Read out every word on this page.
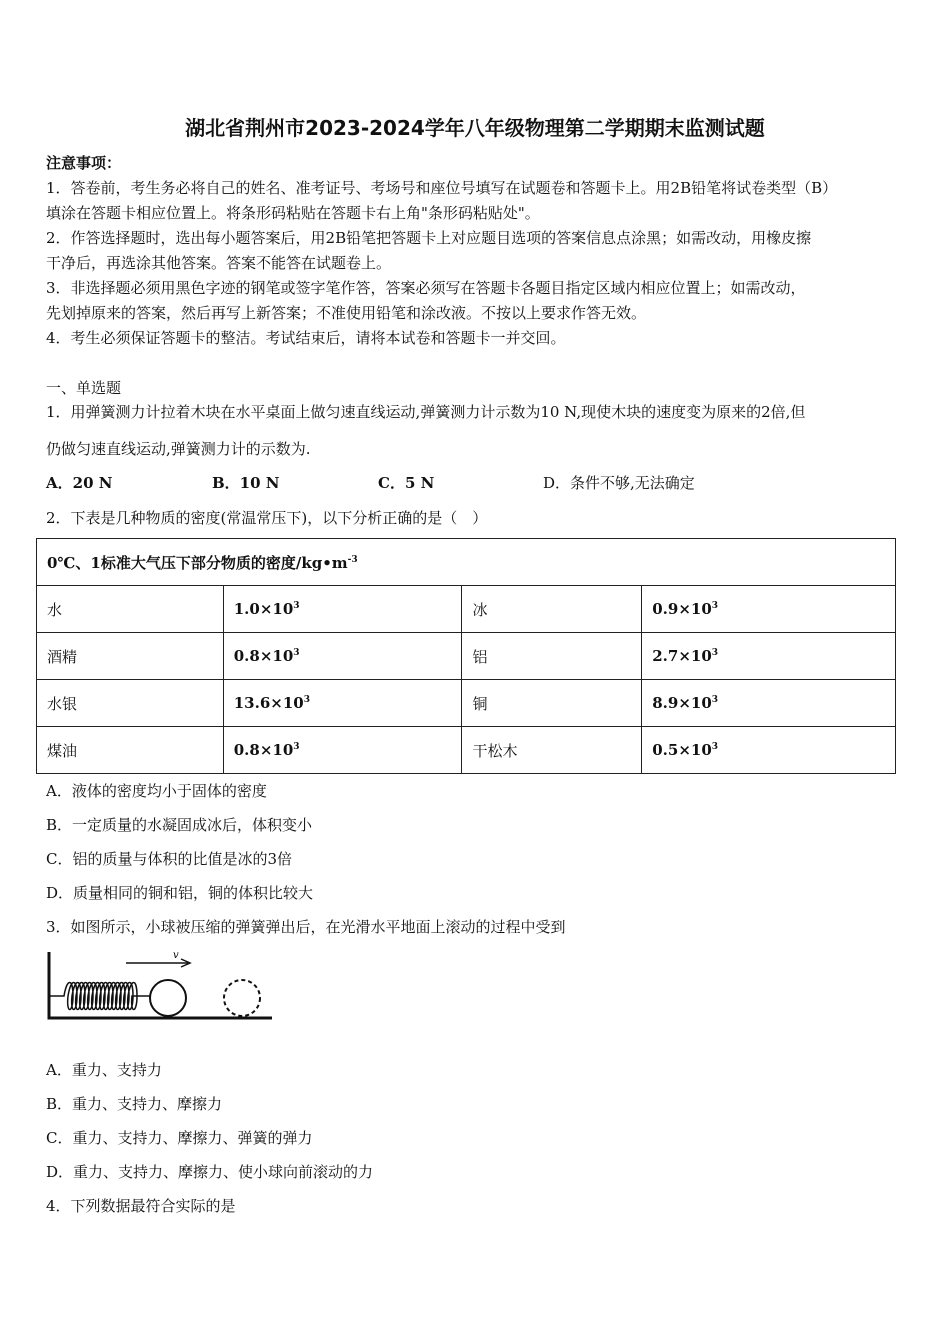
湖北省荆州市2023-2024学年八年级物理第二学期期末监测试题
注意事项：
1．答卷前，考生务必将自己的姓名、准考证号、考场号和座位号填写在试题卷和答题卡上。用2B铅笔将试卷类型（B）
填涂在答题卡相应位置上。将条形码粘贴在答题卡右上角"条形码粘贴处"。
2．作答选择题时，选出每小题答案后，用2B铅笔把答题卡上对应题目选项的答案信息点涂黑；如需改动，用橡皮擦
干净后，再选涂其他答案。答案不能答在试题卷上。
3．非选择题必须用黑色字迹的钢笔或签字笔作答，答案必须写在答题卡各题目指定区域内相应位置上；如需改动，
先划掉原来的答案，然后再写上新答案；不准使用铅笔和涂改液。不按以上要求作答无效。
4．考生必须保证答题卡的整洁。考试结束后，请将本试卷和答题卡一并交回。
一、单选题
1．用弹簧测力计拉着木块在水平桌面上做匀速直线运动,弹簧测力计示数为10 N,现使木块的速度变为原来的2倍,但
仍做匀速直线运动,弹簧测力计的示数为.
A．20 N	B．10 N	C．5 N	D．条件不够,无法确定
2．下表是几种物质的密度(常温常压下)，以下分析正确的是（　）
0℃、1标准大气压下部分物质的密度$/kg•m^{-3}$
水	$1.0\times 10^3$	冰	$0.9\times 10^3$
酒精	$0.8\times 10^3$	铝	$2.7\times 10^3$
水银	$13.6\times 10^3$	铜	$8.9\times 10^3$
煤油	$0.8\times 10^3$	干松木	$0.5\times 10^3$
A．液体的密度均小于固体的密度
B．一定质量的水凝固成冰后，体积变小
C．铝的质量与体积的比值是冰的3倍
D．质量相同的铜和铝，铜的体积比较大
3．如图所示，小球被压缩的弹簧弹出后，在光滑水平地面上滚动的过程中受到
v
A．重力、支持力
B．重力、支持力、摩擦力
C．重力、支持力、摩擦力、弹簧的弹力
D．重力、支持力、摩擦力、使小球向前滚动的力
4．下列数据最符合实际的是
